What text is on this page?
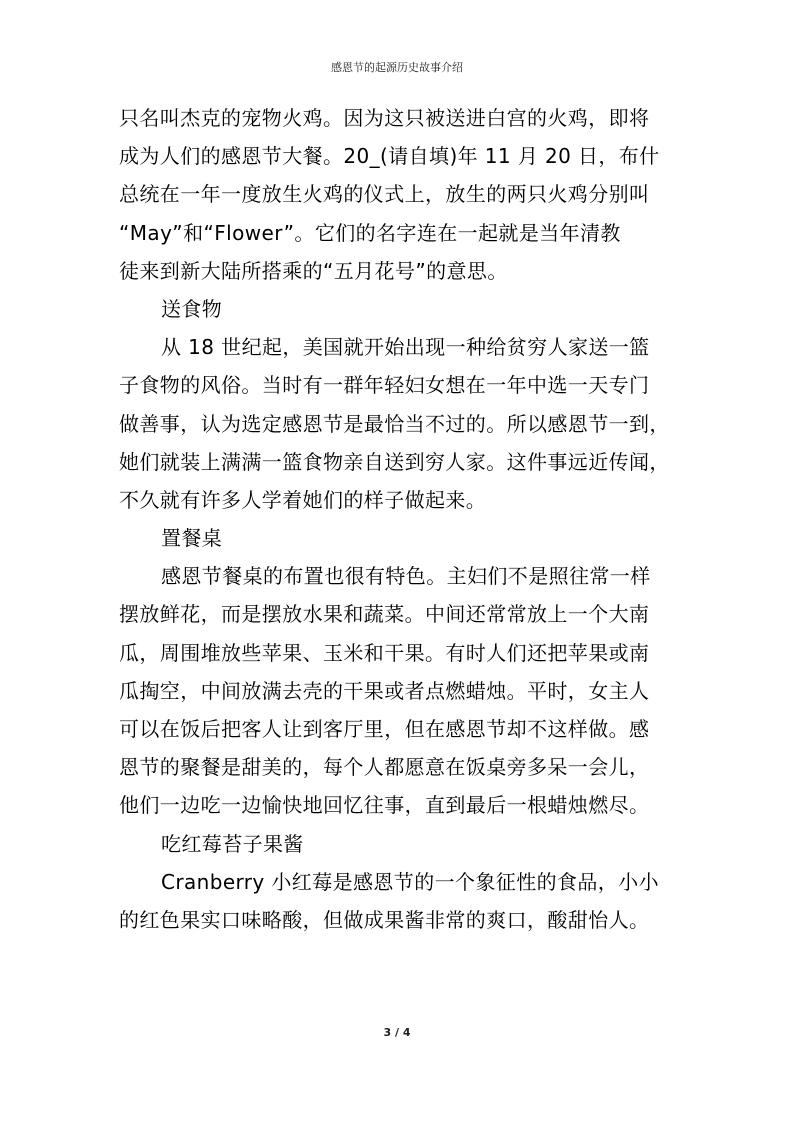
感恩节的起源历史故事介绍
只名叫杰克的宠物火鸡。因为这只被送进白宫的火鸡，即将
成为人们的感恩节大餐。20_(请自填)年 11 月 20 日，布什
总统在一年一度放生火鸡的仪式上，放生的两只火鸡分别叫
“May”和“Flower”。它们的名字连在一起就是当年清教
徒来到新大陆所搭乘的“五月花号”的意思。
送食物
从 18 世纪起，美国就开始出现一种给贫穷人家送一篮
子食物的风俗。当时有一群年轻妇女想在一年中选一天专门
做善事，认为选定感恩节是最恰当不过的。所以感恩节一到，
她们就装上满满一篮食物亲自送到穷人家。这件事远近传闻，
不久就有许多人学着她们的样子做起来。
置餐桌
感恩节餐桌的布置也很有特色。主妇们不是照往常一样
摆放鲜花，而是摆放水果和蔬菜。中间还常常放上一个大南
瓜，周围堆放些苹果、玉米和干果。有时人们还把苹果或南
瓜掏空，中间放满去壳的干果或者点燃蜡烛。平时，女主人
可以在饭后把客人让到客厅里，但在感恩节却不这样做。感
恩节的聚餐是甜美的，每个人都愿意在饭桌旁多呆一会儿，
他们一边吃一边愉快地回忆往事，直到最后一根蜡烛燃尽。
吃红莓苔子果酱
Cranberry 小红莓是感恩节的一个象征性的食品，小小
的红色果实口味略酸，但做成果酱非常的爽口，酸甜怡人。
3 / 4
